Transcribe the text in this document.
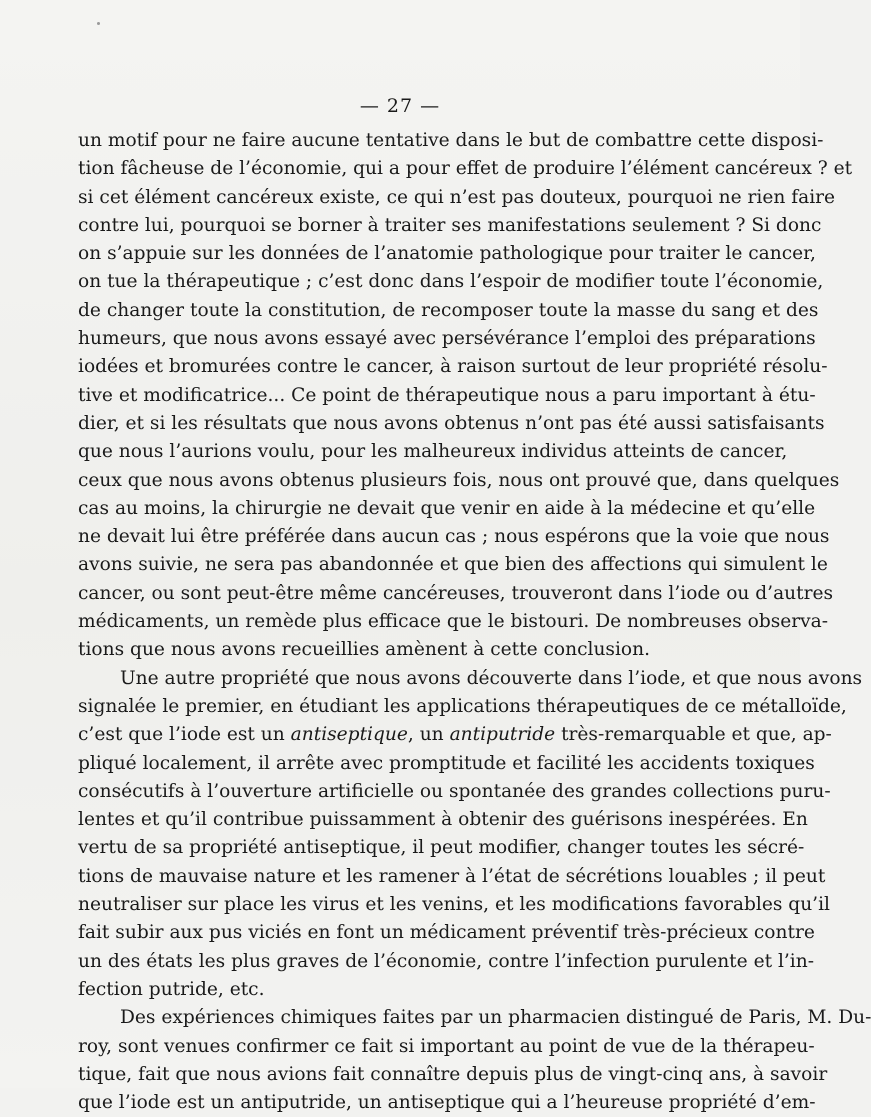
— 27 —
un motif pour ne faire aucune tentative dans le but de combattre cette disposi-
tion fâcheuse de l’économie, qui a pour effet de produire l’élément cancéreux ? et
si cet élément cancéreux existe, ce qui n’est pas douteux, pourquoi ne rien faire
contre lui, pourquoi se borner à traiter ses manifestations seulement ? Si donc
on s’appuie sur les données de l’anatomie pathologique pour traiter le cancer,
on tue la thérapeutique ; c’est donc dans l’espoir de modifier toute l’économie,
de changer toute la constitution, de recomposer toute la masse du sang et des
humeurs, que nous avons essayé avec persévérance l’emploi des préparations
iodées et bromurées contre le cancer, à raison surtout de leur propriété résolu-
tive et modificatrice... Ce point de thérapeutique nous a paru important à étu-
dier, et si les résultats que nous avons obtenus n’ont pas été aussi satisfaisants
que nous l’aurions voulu, pour les malheureux individus atteints de cancer,
ceux que nous avons obtenus plusieurs fois, nous ont prouvé que, dans quelques
cas au moins, la chirurgie ne devait que venir en aide à la médecine et qu’elle
ne devait lui être préférée dans aucun cas ; nous espérons que la voie que nous
avons suivie, ne sera pas abandonnée et que bien des affections qui simulent le
cancer, ou sont peut-être même cancéreuses, trouveront dans l’iode ou d’autres
médicaments, un remède plus efficace que le bistouri. De nombreuses observa-
tions que nous avons recueillies amènent à cette conclusion.
Une autre propriété que nous avons découverte dans l’iode, et que nous avons
signalée le premier, en étudiant les applications thérapeutiques de ce métalloïde,
c’est que l’iode est un antiseptique, un antiputride très-remarquable et que, ap-
pliqué localement, il arrête avec promptitude et facilité les accidents toxiques
consécutifs à l’ouverture artificielle ou spontanée des grandes collections puru-
lentes et qu’il contribue puissamment à obtenir des guérisons inespérées. En
vertu de sa propriété antiseptique, il peut modifier, changer toutes les sécré-
tions de mauvaise nature et les ramener à l’état de sécrétions louables ; il peut
neutraliser sur place les virus et les venins, et les modifications favorables qu’il
fait subir aux pus viciés en font un médicament préventif très-précieux contre
un des états les plus graves de l’économie, contre l’infection purulente et l’in-
fection putride, etc.
Des expériences chimiques faites par un pharmacien distingué de Paris, M. Du-
roy, sont venues confirmer ce fait si important au point de vue de la thérapeu-
tique, fait que nous avions fait connaître depuis plus de vingt-cinq ans, à savoir
que l’iode est un antiputride, un antiseptique qui a l’heureuse propriété d’em-
